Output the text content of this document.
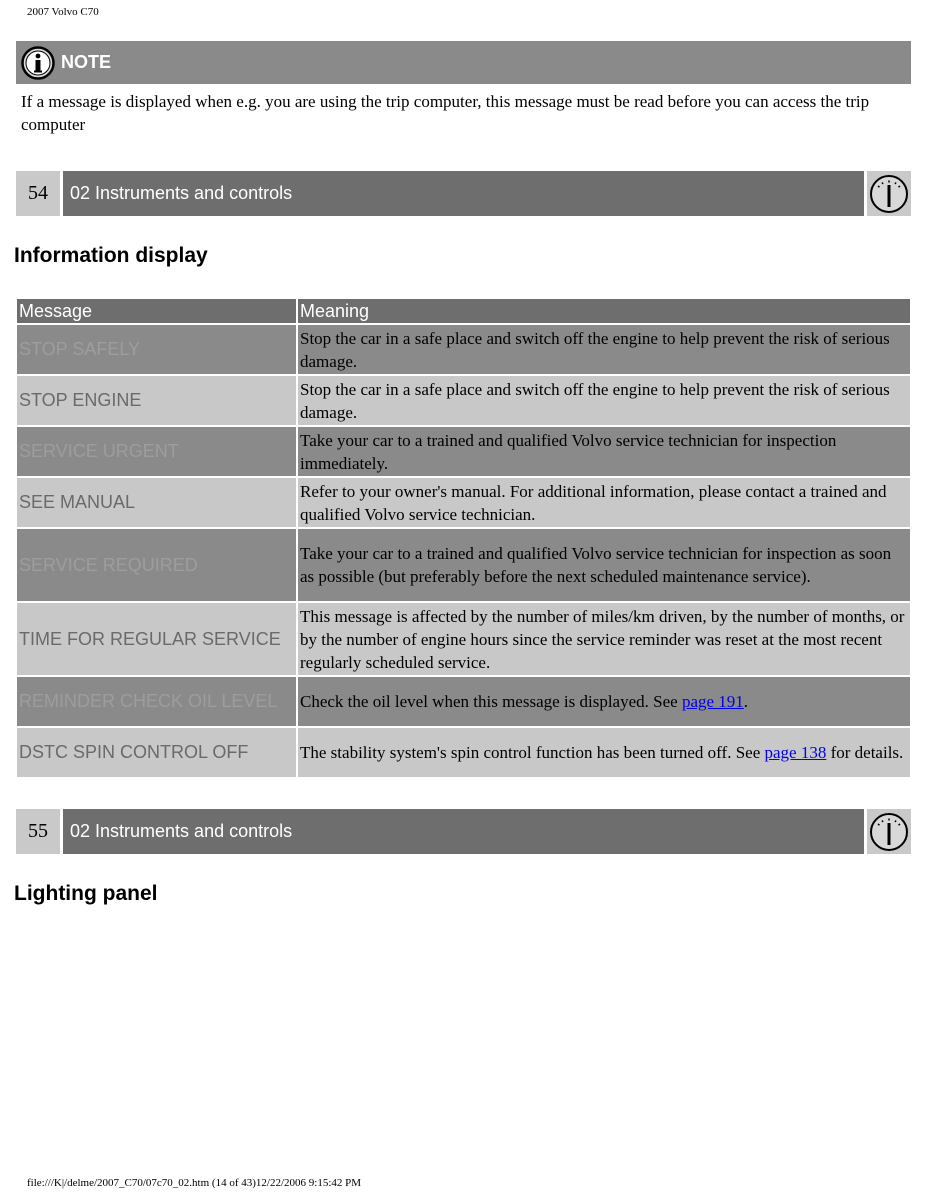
2007 Volvo C70
NOTE
If a message is displayed when e.g. you are using the trip computer, this message must be read before you can access the trip computer
54	02 Instruments and controls
Information display
Message	Meaning
STOP SAFELY	Stop the car in a safe place and switch off the engine to help prevent the risk of serious damage.
STOP ENGINE	Stop the car in a safe place and switch off the engine to help prevent the risk of serious damage.
SERVICE URGENT	Take your car to a trained and qualified Volvo service technician for inspection immediately.
SEE MANUAL	Refer to your owner's manual. For additional information, please contact a trained and qualified Volvo service technician.
SERVICE REQUIRED	Take your car to a trained and qualified Volvo service technician for inspection as soon as possible (but preferably before the next scheduled maintenance service).
TIME FOR REGULAR SERVICE	This message is affected by the number of miles/km driven, by the number of months, or by the number of engine hours since the service reminder was reset at the most recent regularly scheduled service.
REMINDER CHECK OIL LEVEL	Check the oil level when this message is displayed. See page 191.
DSTC SPIN CONTROL OFF	The stability system's spin control function has been turned off. See page 138 for details.
55	02 Instruments and controls
Lighting panel
file:///K|/delme/2007_C70/07c70_02.htm (14 of 43)12/22/2006 9:15:42 PM
